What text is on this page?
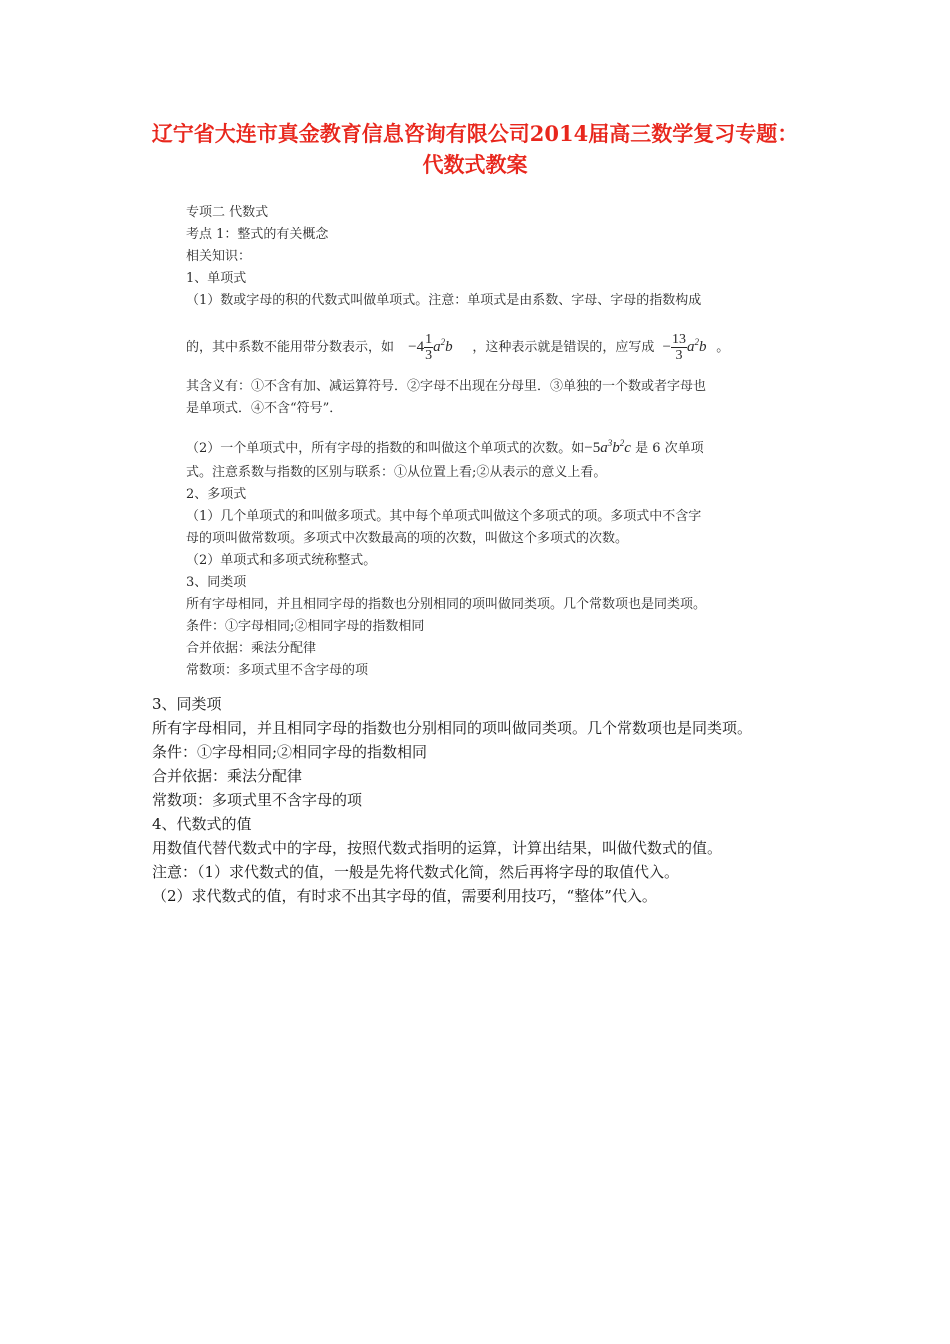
辽宁省大连市真金教育信息咨询有限公司2014届高三数学复习专题：
代数式教案
专项二 代数式
考点 1：整式的有关概念
相关知识：
1、单项式
（1）数或字母的积的代数式叫做单项式。注意：单项式是由系数、字母、字母的指数构成
的，其中系数不能用带分数表示，如 $-4 \frac{1}{3} a^2b$ ，这种表示就是错误的，应写成 − $\frac{13}{3} a^2b$ 。
其含义有：①不含有加、减运算符号．②字母不出现在分母里．③单独的一个数或者字母也
是单项式．④不含“符号”．
（2）一个单项式中，所有字母的指数的和叫做这个单项式的次数。如$-5a^3b^2c$ 是 6 次单项
式。注意系数与指数的区别与联系：①从位置上看;②从表示的意义上看。
2、多项式
（1）几个单项式的和叫做多项式。其中每个单项式叫做这个多项式的项。多项式中不含字
母的项叫做常数项。多项式中次数最高的项的次数，叫做这个多项式的次数。
（2）单项式和多项式统称整式。
3、同类项
所有字母相同，并且相同字母的指数也分别相同的项叫做同类项。几个常数项也是同类项。
条件：①字母相同;②相同字母的指数相同
合并依据：乘法分配律
常数项：多项式里不含字母的项
3、同类项
所有字母相同，并且相同字母的指数也分别相同的项叫做同类项。几个常数项也是同类项。
条件：①字母相同;②相同字母的指数相同
合并依据：乘法分配律
常数项：多项式里不含字母的项
4、代数式的值
用数值代替代数式中的字母，按照代数式指明的运算，计算出结果，叫做代数式的值。
注意：（1）求代数式的值，一般是先将代数式化简，然后再将字母的取值代入。
（2）求代数式的值，有时求不出其字母的值，需要利用技巧，“整体”代入。
